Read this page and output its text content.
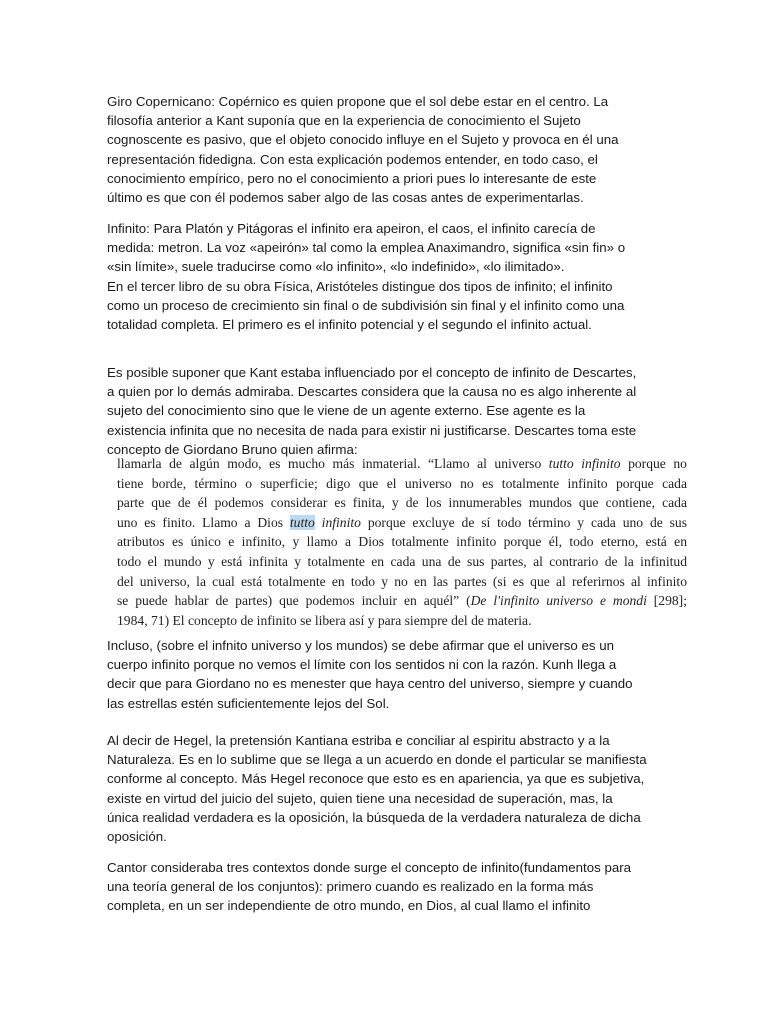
Giro Copernicano: Copérnico es quien propone que el sol debe estar en el centro. La
filosofía anterior a Kant suponía que en la experiencia de conocimiento el Sujeto
cognoscente es pasivo, que el objeto conocido influye en el Sujeto y provoca en él una
representación fidedigna. Con esta explicación podemos entender, en todo caso, el
conocimiento empírico, pero no el conocimiento a priori pues lo interesante de este
último es que con él podemos saber algo de las cosas antes de experimentarlas.
Infinito: Para Platón y Pitágoras el infinito era apeiron, el caos, el infinito carecía de
medida: metron. La voz «apeirón» tal como la emplea Anaximandro, significa «sin fin» o
«sin límite», suele traducirse como «lo infinito», «lo indefinido», «lo ilimitado».
En el tercer libro de su obra Física, Aristóteles distingue dos tipos de infinito; el infinito
como un proceso de crecimiento sin final o de subdivisión sin final y el infinito como una
totalidad completa. El primero es el infinito potencial y el segundo el infinito actual.
Es posible suponer que Kant estaba influenciado por el concepto de infinito de Descartes,
a quien por lo demás admiraba. Descartes considera que la causa no es algo inherente al
sujeto del conocimiento sino que le viene de un agente externo. Ese agente es la
existencia infinita que no necesita de nada para existir ni justificarse. Descartes toma este
concepto de Giordano Bruno quien afirma:
llamarla de algún modo, es mucho más inmaterial. “Llamo al universo tutto infinito porque no
tiene borde, término o superficie; digo que el universo no es totalmente infinito porque cada
parte que de él podemos considerar es finita, y de los innumerables mundos que contiene, cada
uno es finito. Llamo a Dios tutto infinito porque excluye de sí todo término y cada uno de sus
atributos es único e infinito, y llamo a Dios totalmente infinito porque él, todo eterno, está en
todo el mundo y está infinita y totalmente en cada una de sus partes, al contrario de la infinitud
del universo, la cual está totalmente en todo y no en las partes (si es que al referirnos al infinito
se puede hablar de partes) que podemos incluir en aquél” (De l'infinito universo e mondi [298];
1984, 71) El concepto de infinito se libera así y para siempre del de materia.
Incluso, (sobre el infnito universo y los mundos) se debe afirmar que el universo es un
cuerpo infinito porque no vemos el límite con los sentidos ni con la razón. Kunh llega a
decir que para Giordano no es menester que haya centro del universo, siempre y cuando
las estrellas estén suficientemente lejos del Sol.
Al decir de Hegel, la pretensión Kantiana estriba e conciliar al espiritu abstracto y a la
Naturaleza. Es en lo sublime que se llega a un acuerdo en donde el particular se manifiesta
conforme al concepto. Más Hegel reconoce que esto es en apariencia, ya que es subjetiva,
existe en virtud del juicio del sujeto, quien tiene una necesidad de superación, mas, la
única realidad verdadera es la oposición, la búsqueda de la verdadera naturaleza de dicha
oposición.
Cantor consideraba tres contextos donde surge el concepto de infinito(fundamentos para
una teoría general de los conjuntos): primero cuando es realizado en la forma más
completa, en un ser independiente de otro mundo, en Dios, al cual llamo el infinito
